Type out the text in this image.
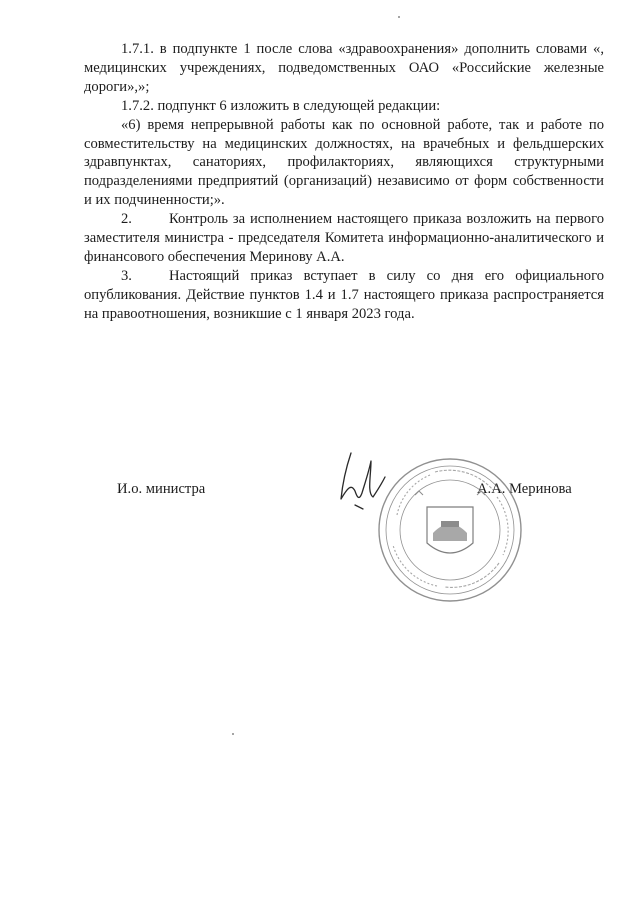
1.7.1. в подпункте 1 после слова «здравоохранения» дополнить словами «, медицинских учреждениях, подведомственных ОАО «Российские железные дороги»,»;

1.7.2. подпункт 6 изложить в следующей редакции:

«6) время непрерывной работы как по основной работе, так и работе по совместительству на медицинских должностях, на врачебных и фельдшерских здравпунктах, санаториях, профилакториях, являющихся структурными подразделениями предприятий (организаций) независимо от форм собственности и их подчиненности;».

2.	Контроль за исполнением настоящего приказа возложить на первого заместителя министра - председателя Комитета информационно-аналитического и финансового обеспечения Меринову А.А.

3.	Настоящий приказ вступает в силу со дня его официального опубликования. Действие пунктов 1.4 и 1.7 настоящего приказа распространяется на правоотношения, возникшие с 1 января 2023 года.

И.о. министра	А.А. Меринова
